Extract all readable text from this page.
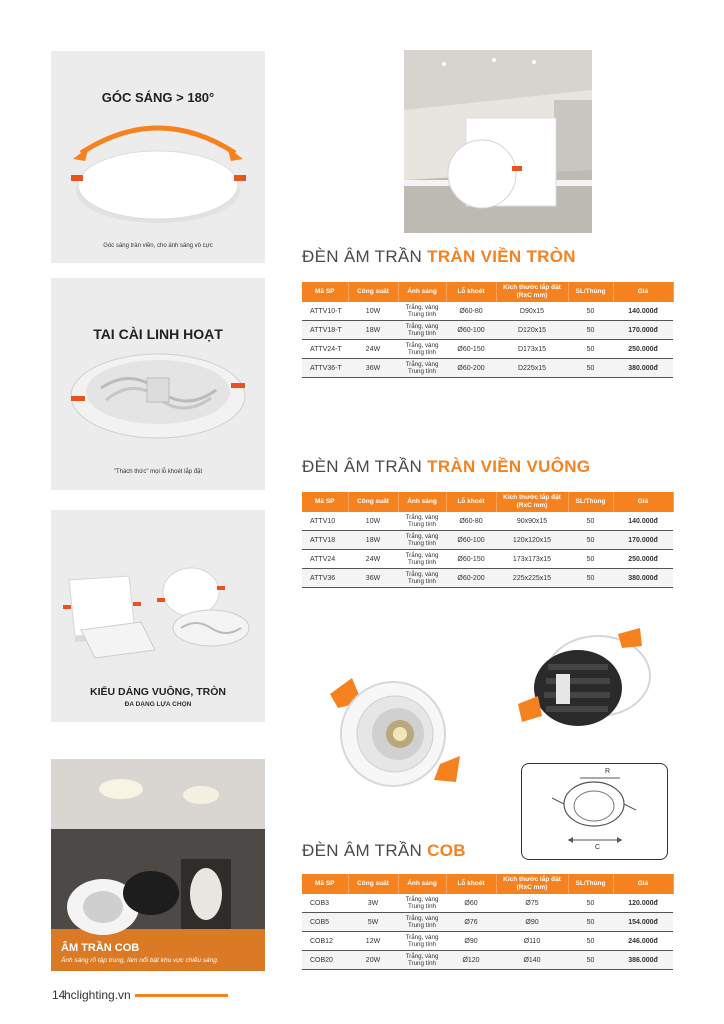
GÓC SÁNG > 180°
Góc sáng tràn viền, cho ánh sáng vô cực
TAI CÀI LINH HOẠT
"Thách thức" mọi lỗ khoét lắp đặt
KIỂU DÁNG VUÔNG, TRÒN
ĐA DẠNG LỰA CHỌN
ÂM TRẦN COB
Ánh sáng rõ tập trung, làm nổi bật khu vực chiếu sáng.
ĐÈN ÂM TRẦN TRÀN VIỀN TRÒN
Mã SP	Công suất	Ánh sáng	Lỗ khoét	Kích thước lắp đặt
(RxC mm)	SL/Thùng	Giá
ATTV10-T	10W	Trắng, vàng
Trung tính	Ø60-80	D90x15	50	140.000đ
ATTV18-T	18W	Trắng, vàng
Trung tính	Ø60-100	D120x15	50	170.000đ
ATTV24-T	24W	Trắng, vàng
Trung tính	Ø60-150	D173x15	50	250.000đ
ATTV36-T	36W	Trắng, vàng
Trung tính	Ø60-200	D225x15	50	380.000đ
ĐÈN ÂM TRẦN TRÀN VIỀN VUÔNG
Mã SP	Công suất	Ánh sáng	Lỗ khoét	Kích thước lắp đặt
(RxC mm)	SL/Thùng	Giá
ATTV10	10W	Trắng, vàng
Trung tính	Ø60-80	90x90x15	50	140.000đ
ATTV18	18W	Trắng, vàng
Trung tính	Ø60-100	120x120x15	50	170.000đ
ATTV24	24W	Trắng, vàng
Trung tính	Ø60-150	173x173x15	50	250.000đ
ATTV36	36W	Trắng, vàng
Trung tính	Ø60-200	225x225x15	50	380.000đ
R
C
ĐÈN ÂM TRẦN COB
Mã SP	Công suất	Ánh sáng	Lỗ khoét	Kích thước lắp đặt
(RxC mm)	SL/Thùng	Giá
COB3	3W	Trắng, vàng
Trung tính	Ø60	Ø75	50	120.000đ
COB5	5W	Trắng, vàng
Trung tính	Ø76	Ø90	50	154.000đ
COB12	12W	Trắng, vàng
Trung tính	Ø90	Ø110	50	246.000đ
COB20	20W	Trắng, vàng
Trung tính	Ø120	Ø140	50	386.000đ
14
hclighting.vn
